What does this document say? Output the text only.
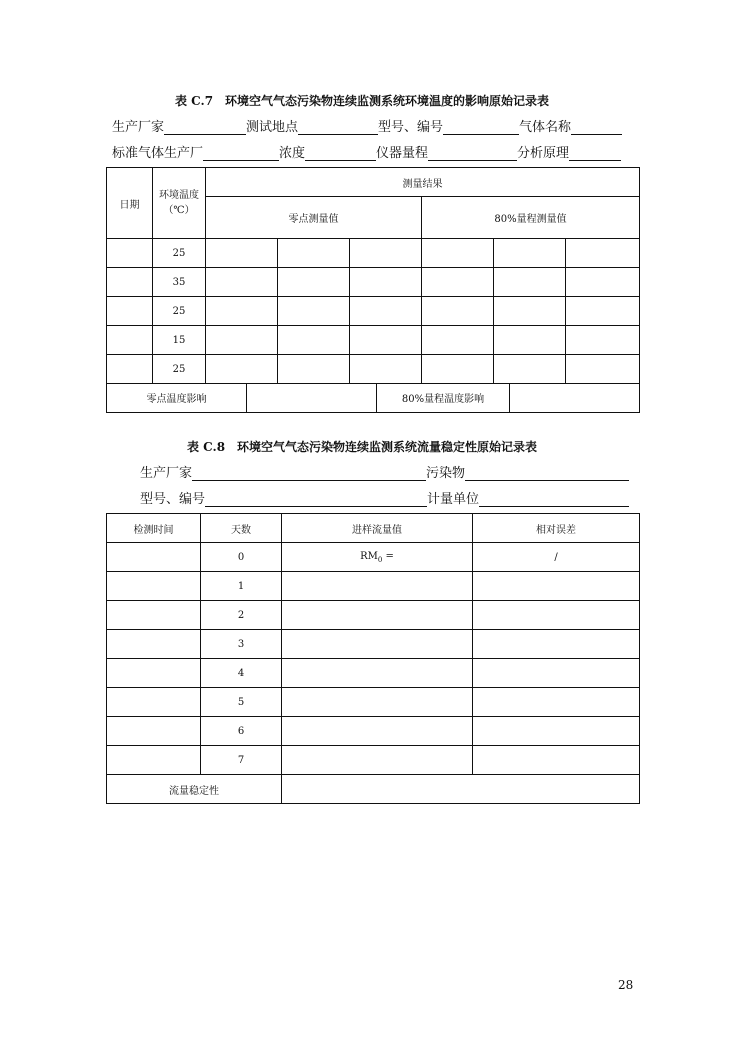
表 C.7　环境空气气态污染物连续监测系统环境温度的影响原始记录表
生产厂家	测试地点	型号、编号	气体名称
标准气体生产厂	浓度	仪器量程	分析原理
日期	环境温度（℃）	测量结果					
		零点测量值			80%量程测量值		
	25						
	35						
	25						
	15						
	25						
零点温度影响		80%量程温度影响	
表 C.8　环境空气气态污染物连续监测系统流量稳定性原始记录表
生产厂家	污染物
型号、编号	计量单位
检测时间	天数	进样流量值	相对误差
	0	$RM_0$ =	/
	1		
	2		
	3		
	4		
	5		
	6		
	7		
流量稳定性			
28
